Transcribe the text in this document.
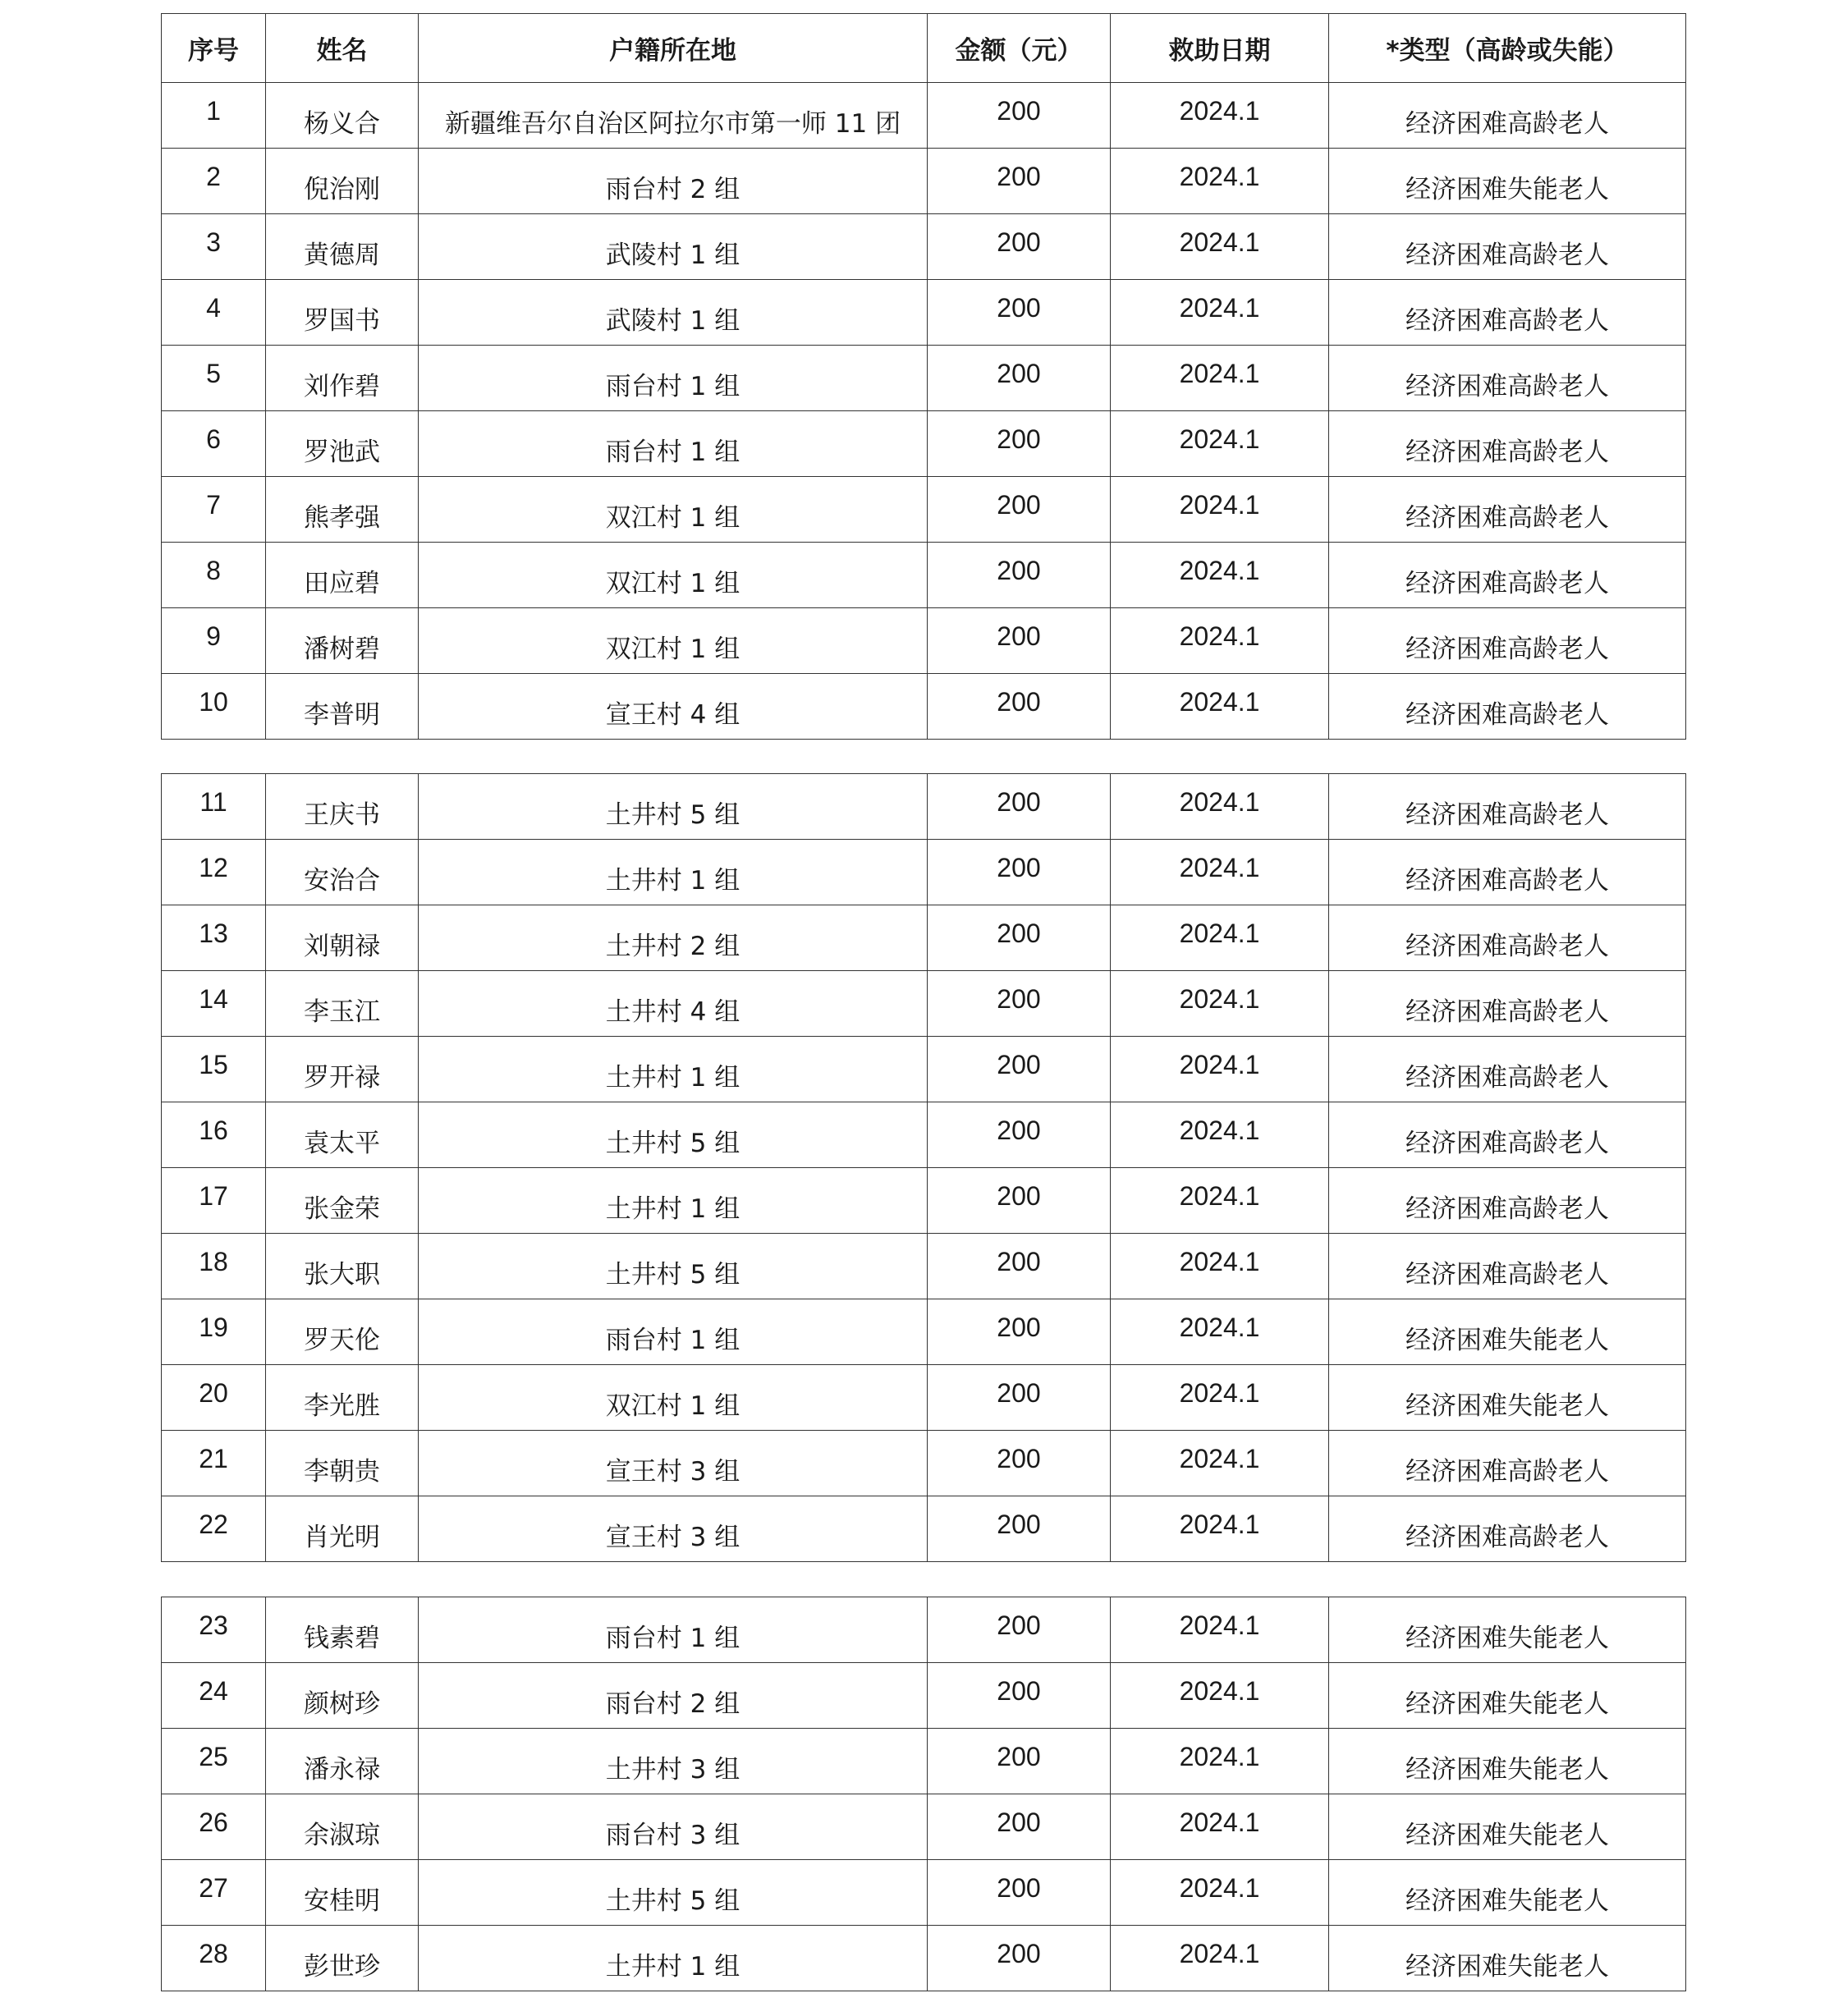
序号	姓名	户籍所在地	金额（元）	救助日期	*类型（高龄或失能）
1	杨义合	新疆维吾尔自治区阿拉尔市第一师 11 团	200	2024.1	经济困难高龄老人
2	倪治刚	雨台村 2 组	200	2024.1	经济困难失能老人
3	黄德周	武陵村 1 组	200	2024.1	经济困难高龄老人
4	罗国书	武陵村 1 组	200	2024.1	经济困难高龄老人
5	刘作碧	雨台村 1 组	200	2024.1	经济困难高龄老人
6	罗池武	雨台村 1 组	200	2024.1	经济困难高龄老人
7	熊孝强	双江村 1 组	200	2024.1	经济困难高龄老人
8	田应碧	双江村 1 组	200	2024.1	经济困难高龄老人
9	潘树碧	双江村 1 组	200	2024.1	经济困难高龄老人
10	李普明	宣王村 4 组	200	2024.1	经济困难高龄老人
11	王庆书	土井村 5 组	200	2024.1	经济困难高龄老人
12	安治合	土井村 1 组	200	2024.1	经济困难高龄老人
13	刘朝禄	土井村 2 组	200	2024.1	经济困难高龄老人
14	李玉江	土井村 4 组	200	2024.1	经济困难高龄老人
15	罗开禄	土井村 1 组	200	2024.1	经济困难高龄老人
16	袁太平	土井村 5 组	200	2024.1	经济困难高龄老人
17	张金荣	土井村 1 组	200	2024.1	经济困难高龄老人
18	张大职	土井村 5 组	200	2024.1	经济困难高龄老人
19	罗天伦	雨台村 1 组	200	2024.1	经济困难失能老人
20	李光胜	双江村 1 组	200	2024.1	经济困难失能老人
21	李朝贵	宣王村 3 组	200	2024.1	经济困难高龄老人
22	肖光明	宣王村 3 组	200	2024.1	经济困难高龄老人
23	钱素碧	雨台村 1 组	200	2024.1	经济困难失能老人
24	颜树珍	雨台村 2 组	200	2024.1	经济困难失能老人
25	潘永禄	土井村 3 组	200	2024.1	经济困难失能老人
26	余淑琼	雨台村 3 组	200	2024.1	经济困难失能老人
27	安桂明	土井村 5 组	200	2024.1	经济困难失能老人
28	彭世珍	土井村 1 组	200	2024.1	经济困难失能老人
